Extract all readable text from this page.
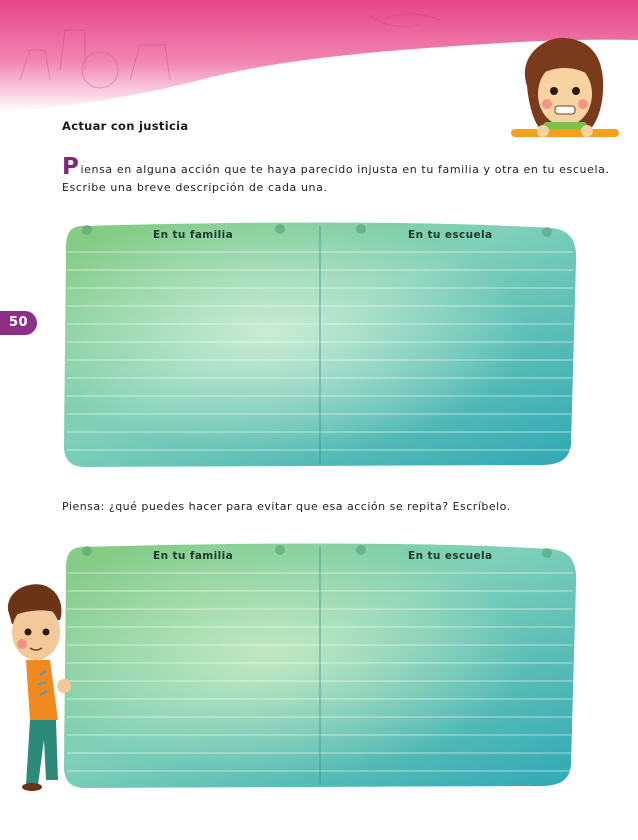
Actuar con justicia
Piensa en alguna acción que te haya parecido injusta en tu familia y otra en tu escuela.
Escribe una breve descripción de cada una.
50
En tu familia	En tu escuela
Piensa: ¿qué puedes hacer para evitar que esa acción se repita? Escríbelo.
En tu familia	En tu escuela
